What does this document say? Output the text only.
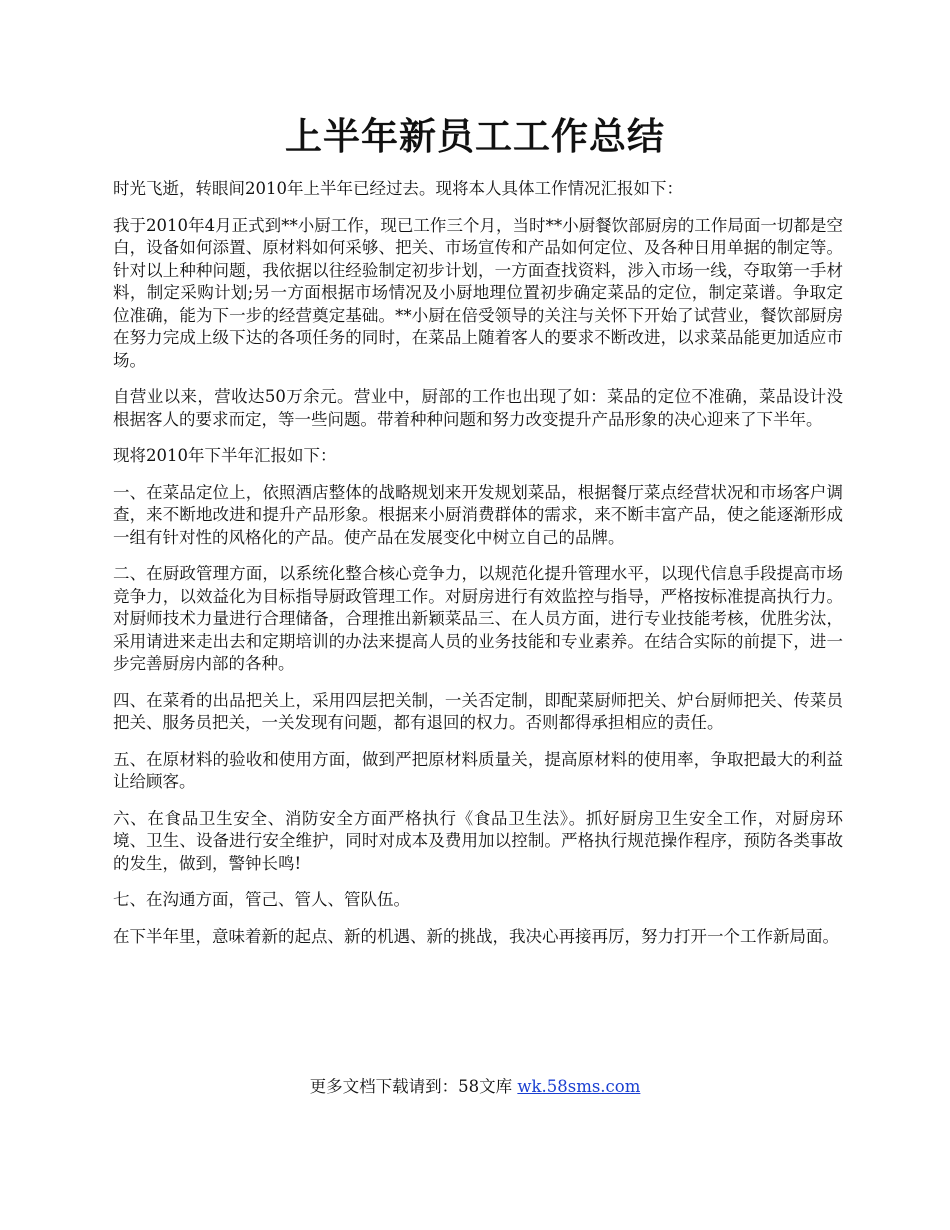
上半年新员工工作总结

时光飞逝，转眼间2010年上半年已经过去。现将本人具体工作情况汇报如下：

我于2010年4月正式到**小厨工作，现已工作三个月，当时**小厨餐饮部厨房的工作局面一切都是空白，设备如何添置、原材料如何采够、把关、市场宣传和产品如何定位、及各种日用单据的制定等。针对以上种种问题，我依据以往经验制定初步计划，一方面查找资料，涉入市场一线，夺取第一手材料，制定采购计划;另一方面根据市场情况及小厨地理位置初步确定菜品的定位，制定菜谱。争取定位准确，能为下一步的经营奠定基础。**小厨在倍受领导的关注与关怀下开始了试营业，餐饮部厨房在努力完成上级下达的各项任务的同时，在菜品上随着客人的要求不断改进，以求菜品能更加适应市场。

自营业以来，营收达50万余元。营业中，厨部的工作也出现了如：菜品的定位不准确，菜品设计没根据客人的要求而定，等一些问题。带着种种问题和努力改变提升产品形象的决心迎来了下半年。

现将2010年下半年汇报如下：

一、在菜品定位上，依照酒店整体的战略规划来开发规划菜品，根据餐厅菜点经营状况和市场客户调查，来不断地改进和提升产品形象。根据来小厨消费群体的需求，来不断丰富产品，使之能逐渐形成一组有针对性的风格化的产品。使产品在发展变化中树立自己的品牌。

二、在厨政管理方面，以系统化整合核心竞争力，以规范化提升管理水平，以现代信息手段提高市场竞争力，以效益化为目标指导厨政管理工作。对厨房进行有效监控与指导，严格按标准提高执行力。对厨师技术力量进行合理储备，合理推出新颖菜品三、在人员方面，进行专业技能考核，优胜劣汰，采用请进来走出去和定期培训的办法来提高人员的业务技能和专业素养。在结合实际的前提下，进一步完善厨房内部的各种。

四、在菜肴的出品把关上，采用四层把关制，一关否定制，即配菜厨师把关、炉台厨师把关、传菜员把关、服务员把关，一关发现有问题，都有退回的权力。否则都得承担相应的责任。

五、在原材料的验收和使用方面，做到严把原材料质量关，提高原材料的使用率，争取把最大的利益让给顾客。

六、在食品卫生安全、消防安全方面严格执行《食品卫生法》。抓好厨房卫生安全工作，对厨房环境、卫生、设备进行安全维护，同时对成本及费用加以控制。严格执行规范操作程序，预防各类事故的发生，做到，警钟长鸣!

七、在沟通方面，管己、管人、管队伍。

在下半年里，意味着新的起点、新的机遇、新的挑战，我决心再接再厉，努力打开一个工作新局面。

更多文档下载请到：58文库 wk.58sms.com
